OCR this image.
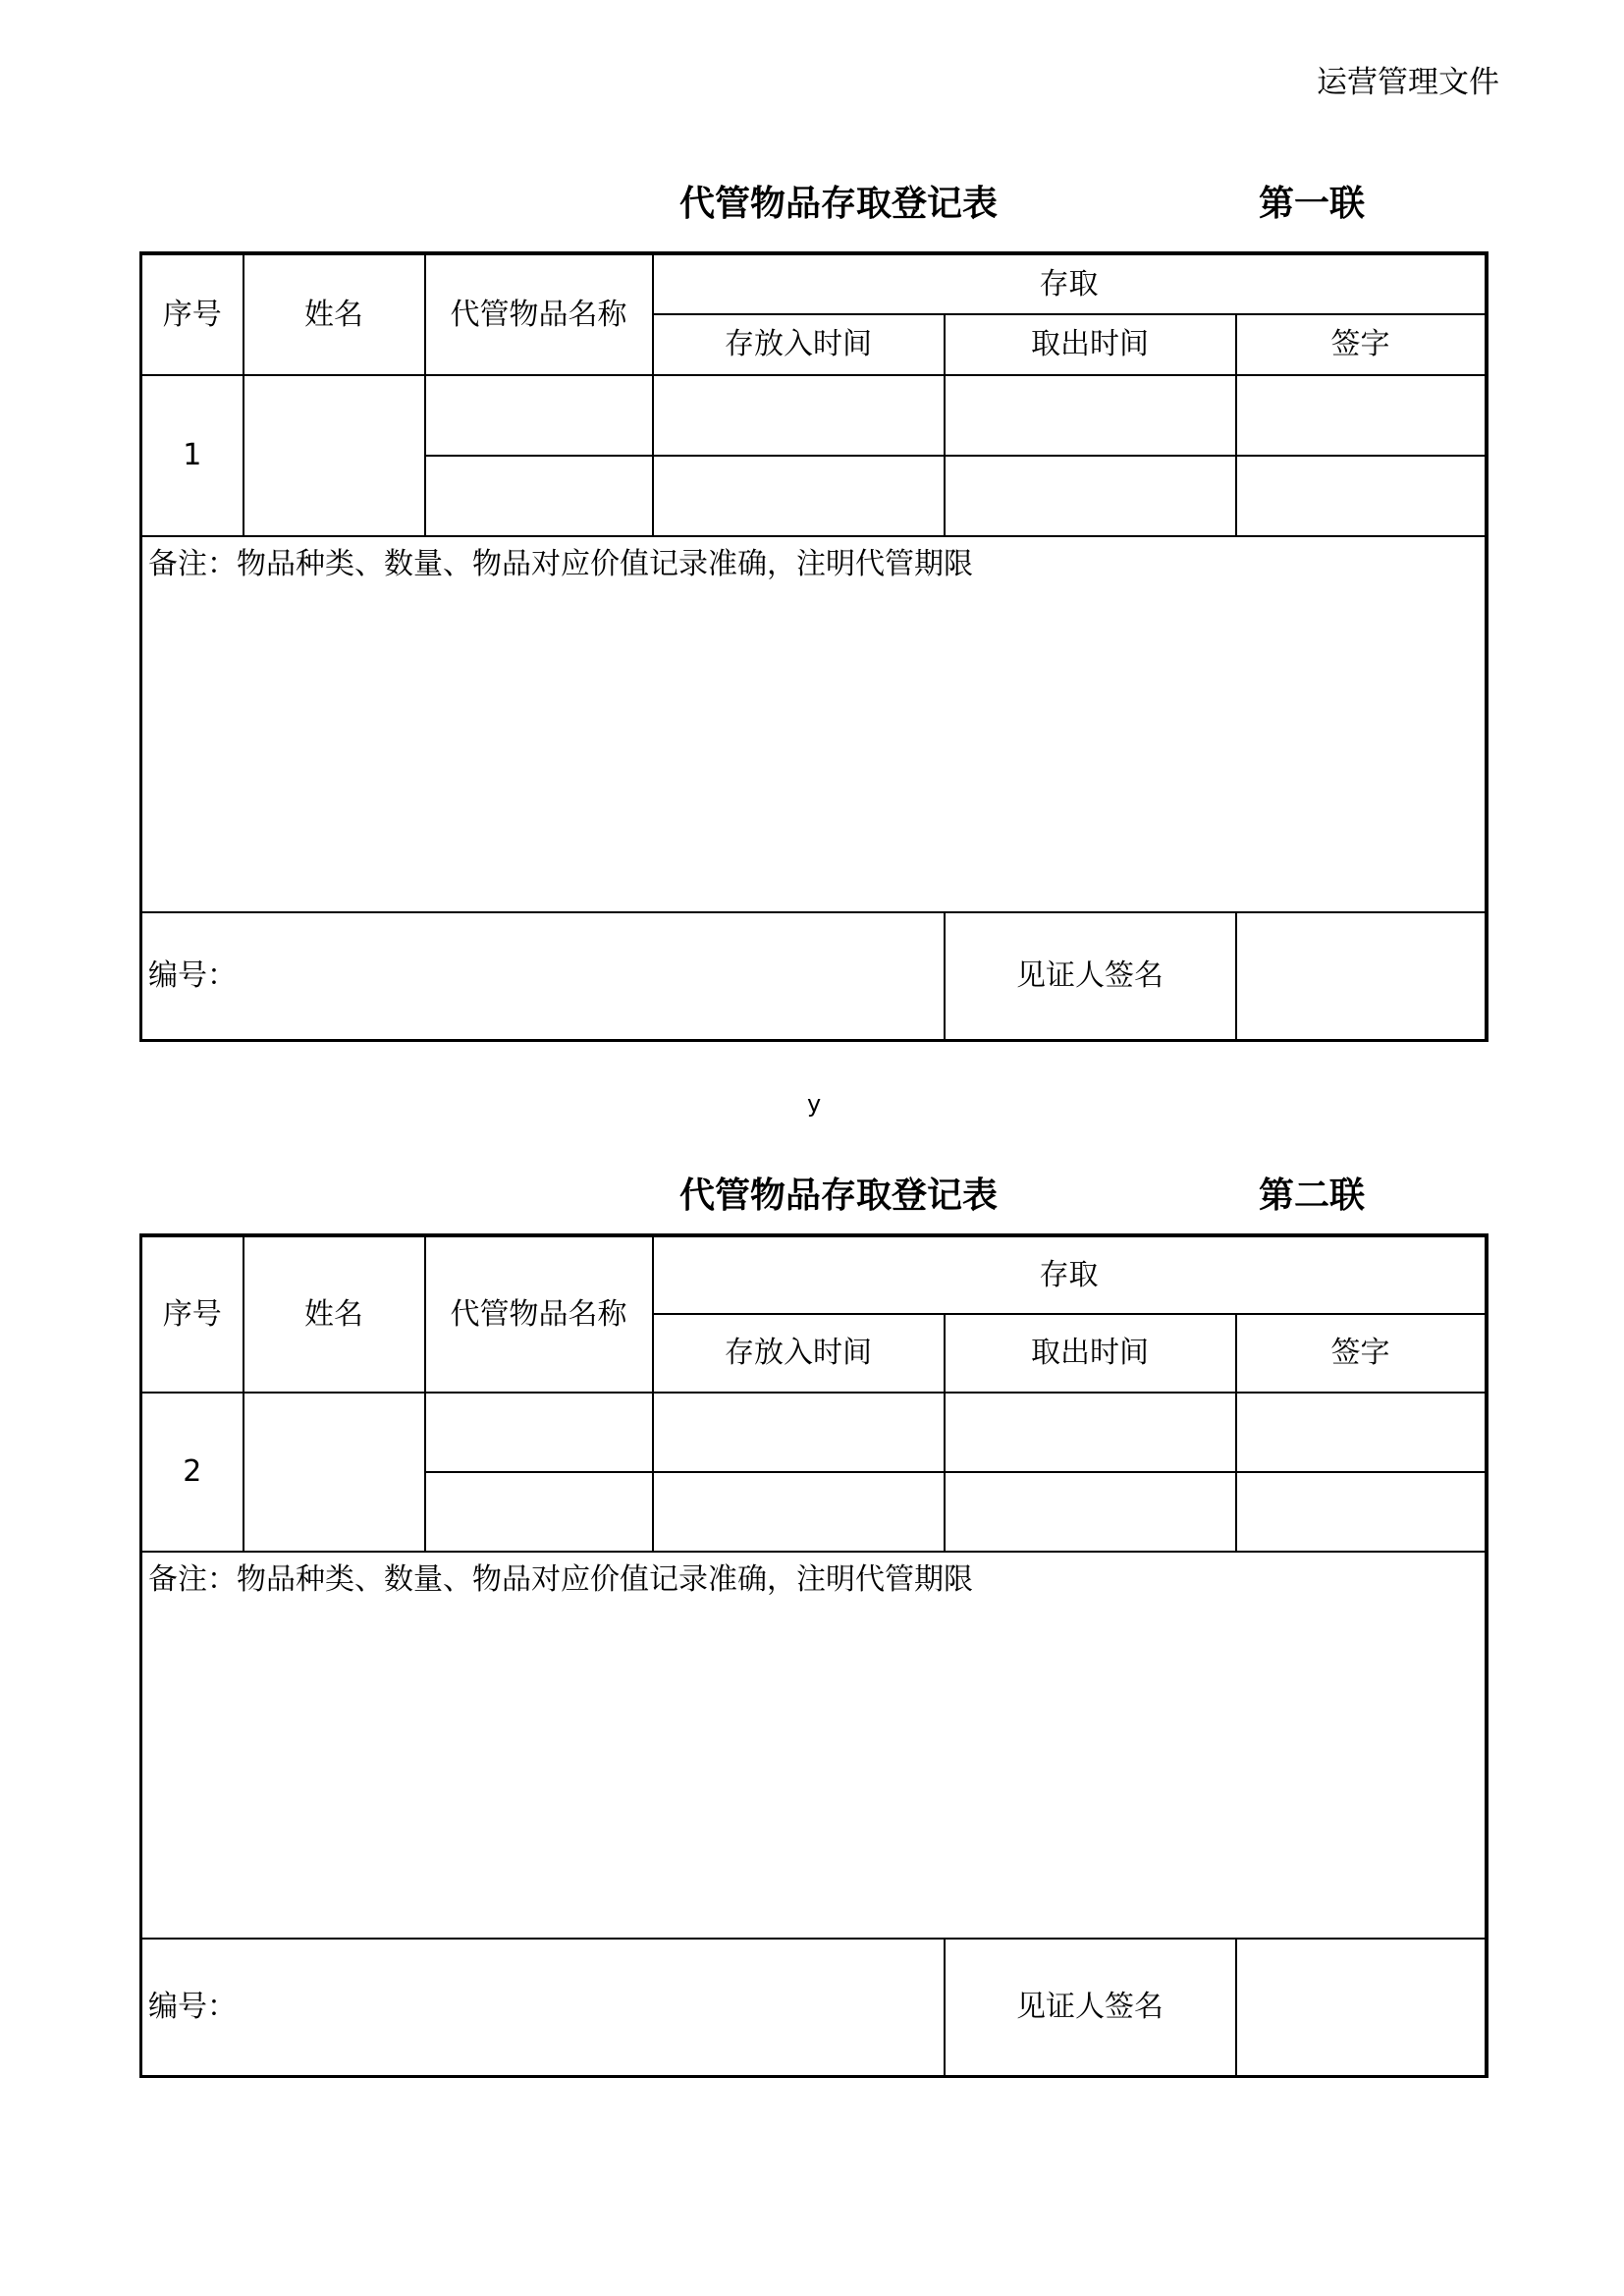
运营管理文件
代管物品存取登记表	第一联
序号	姓名	代管物品名称	存取		
			存放入时间	取出时间	签字
1					

备注：物品种类、数量、物品对应价值记录准确，注明代管期限					
编号：				见证人签名	
y
代管物品存取登记表	第二联
序号	姓名	代管物品名称	存取		
			存放入时间	取出时间	签字
2					

备注：物品种类、数量、物品对应价值记录准确，注明代管期限					
编号：				见证人签名	
